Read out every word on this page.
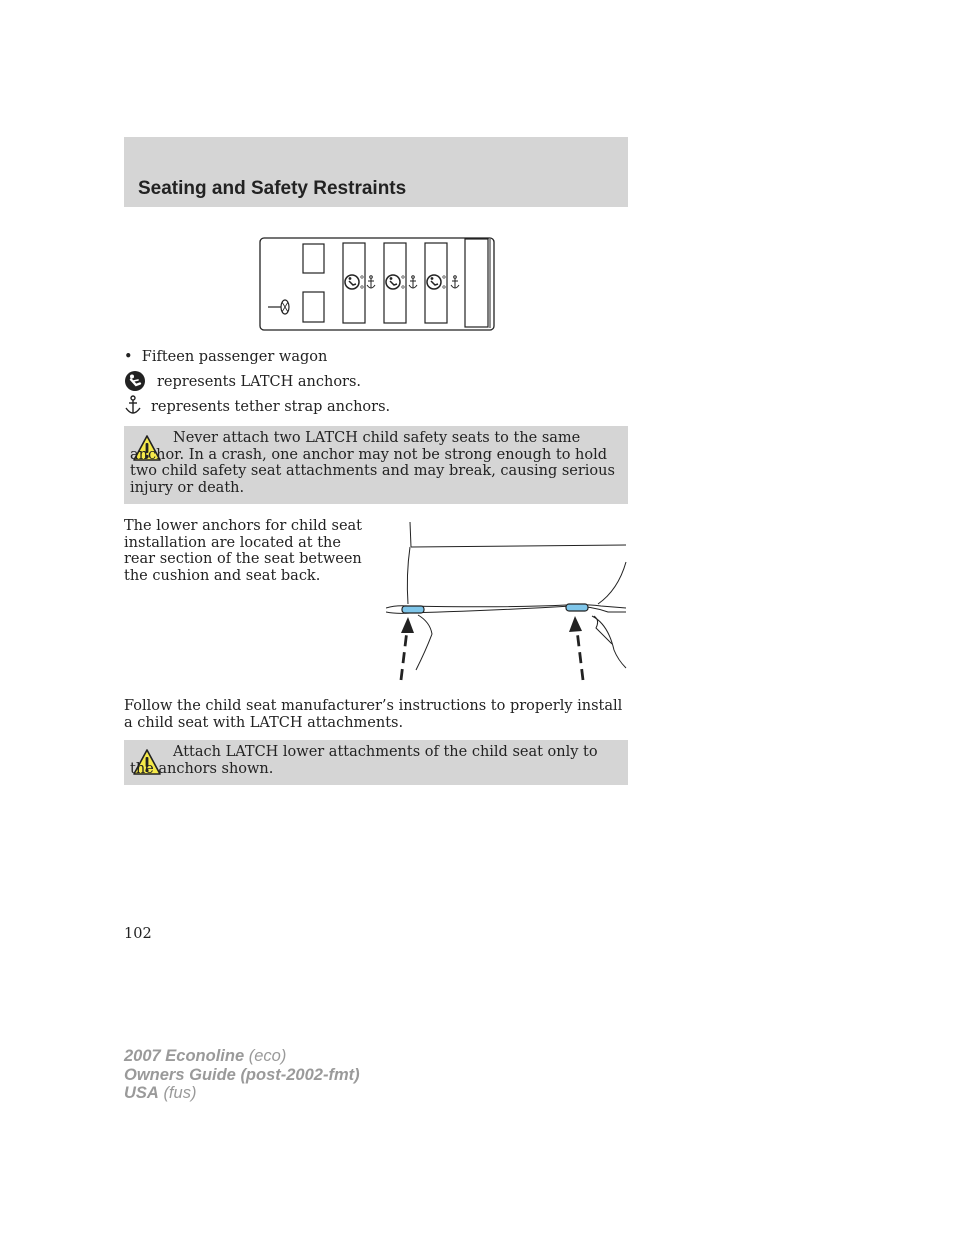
Seating and Safety Restraints
•  Fifteen passenger wagon
represents LATCH anchors.
represents tether strap anchors.
Never attach two LATCH child safety seats to the same anchor. In a crash, one anchor may not be strong enough to hold two child safety seat attachments and may break, causing serious injury or death.
The lower anchors for child seat installation are located at the rear section of the seat between the cushion and seat back.
Follow the child seat manufacturer’s instructions to properly install a child seat with LATCH attachments.
Attach LATCH lower attachments of the child seat only to the anchors shown.
102
2007 Econoline (eco)
Owners Guide (post-2002-fmt)
USA (fus)
